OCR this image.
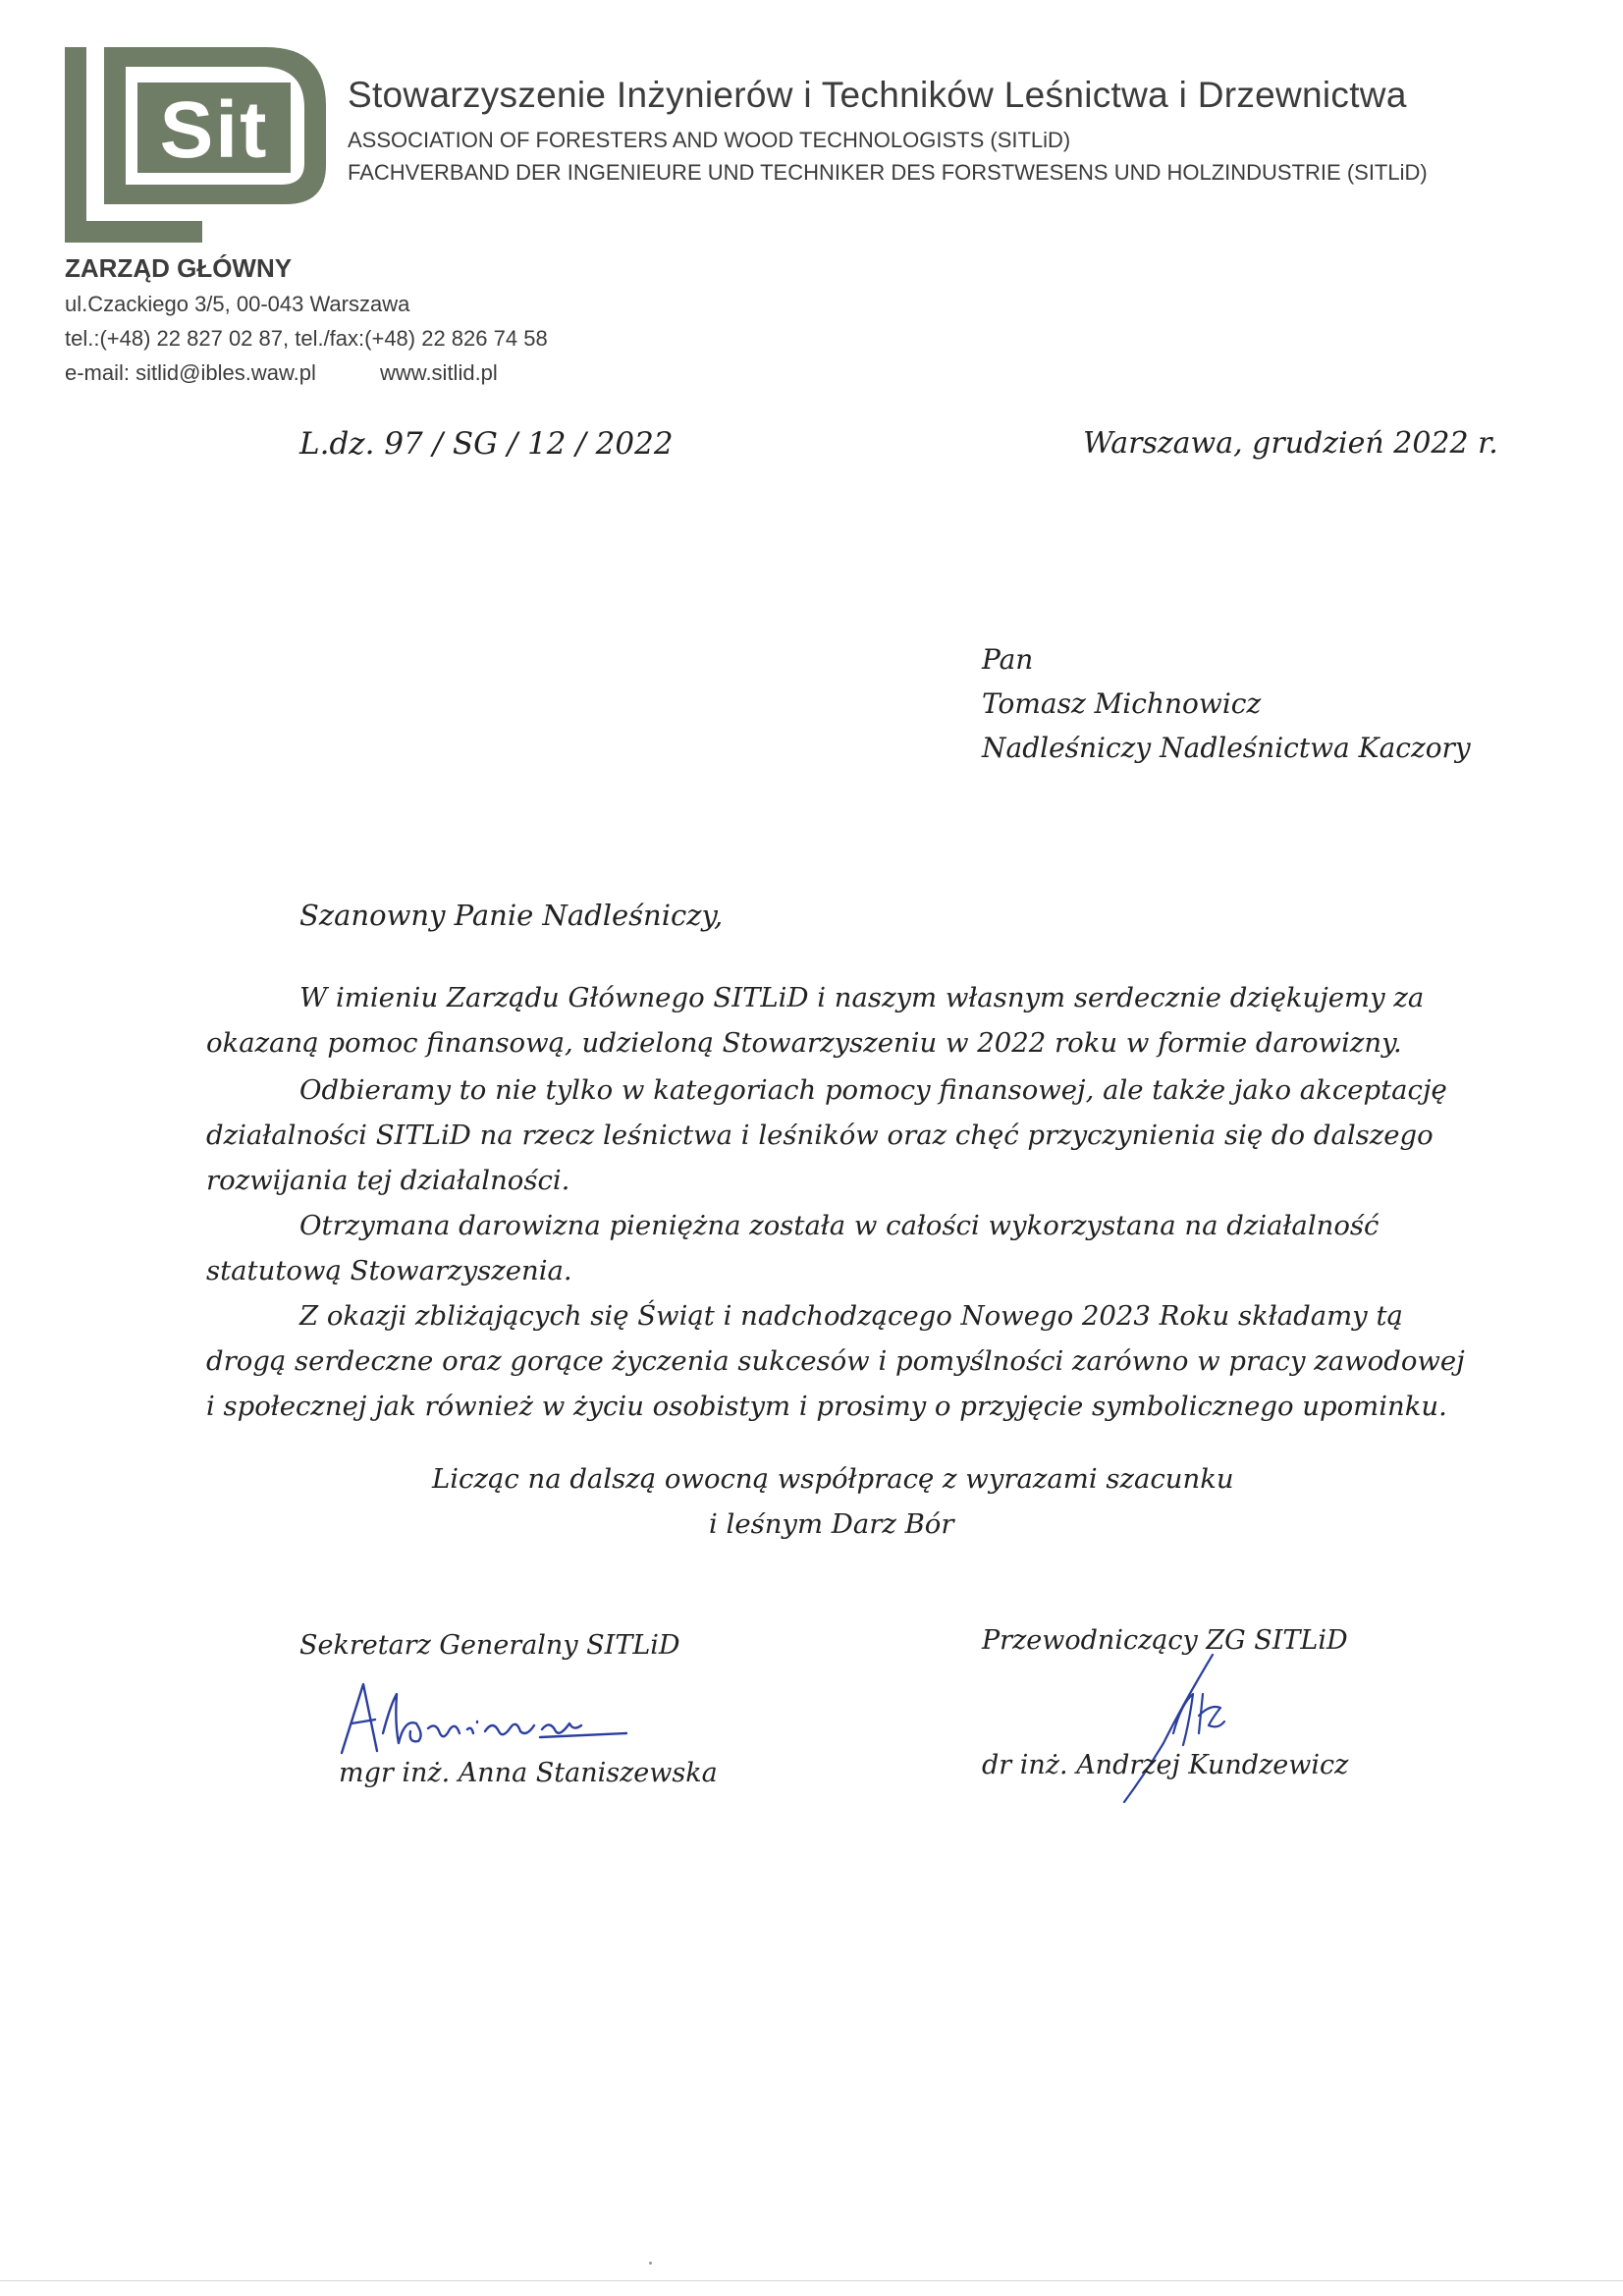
Sit Stowarzyszenie Inżynierów i Techników Leśnictwa i Drzewnictwa
ASSOCIATION OF FORESTERS AND WOOD TECHNOLOGISTS (SITLiD)
FACHVERBAND DER INGENIEURE UND TECHNIKER DES FORSTWESENS UND HOLZINDUSTRIE (SITLiD)
ZARZĄD GŁÓWNY
ul.Czackiego 3/5, 00-043 Warszawa
tel.:(+48) 22 827 02 87, tel./fax:(+48) 22 826 74 58
e-mail: sitlid@ibles.waw.pl	www.sitlid.pl
L.dz. 97 / SG / 12 / 2022	Warszawa, grudzień 2022 r.
Pan
Tomasz Michnowicz
Nadleśniczy Nadleśnictwa Kaczory
Szanowny Panie Nadleśniczy,
W imieniu Zarządu Głównego SITLiD i naszym własnym serdecznie dziękujemy za
okazaną pomoc finansową, udzieloną Stowarzyszeniu w 2022 roku w formie darowizny.
Odbieramy to nie tylko w kategoriach pomocy finansowej, ale także jako akceptację
działalności SITLiD na rzecz leśnictwa i leśników oraz chęć przyczynienia się do dalszego
rozwijania tej działalności.
Otrzymana darowizna pieniężna została w całości wykorzystana na działalność
statutową Stowarzyszenia.
Z okazji zbliżających się Świąt i nadchodzącego Nowego 2023 Roku składamy tą
drogą serdeczne oraz gorące życzenia sukcesów i pomyślności zarówno w pracy zawodowej
i społecznej jak również w życiu osobistym i prosimy o przyjęcie symbolicznego upominku.
Licząc na dalszą owocną współpracę z wyrazami szacunku
i leśnym Darz Bór
Sekretarz Generalny SITLiD
mgr inż. Anna Staniszewska
Przewodniczący ZG SITLiD
dr inż. Andrzej Kundzewicz
